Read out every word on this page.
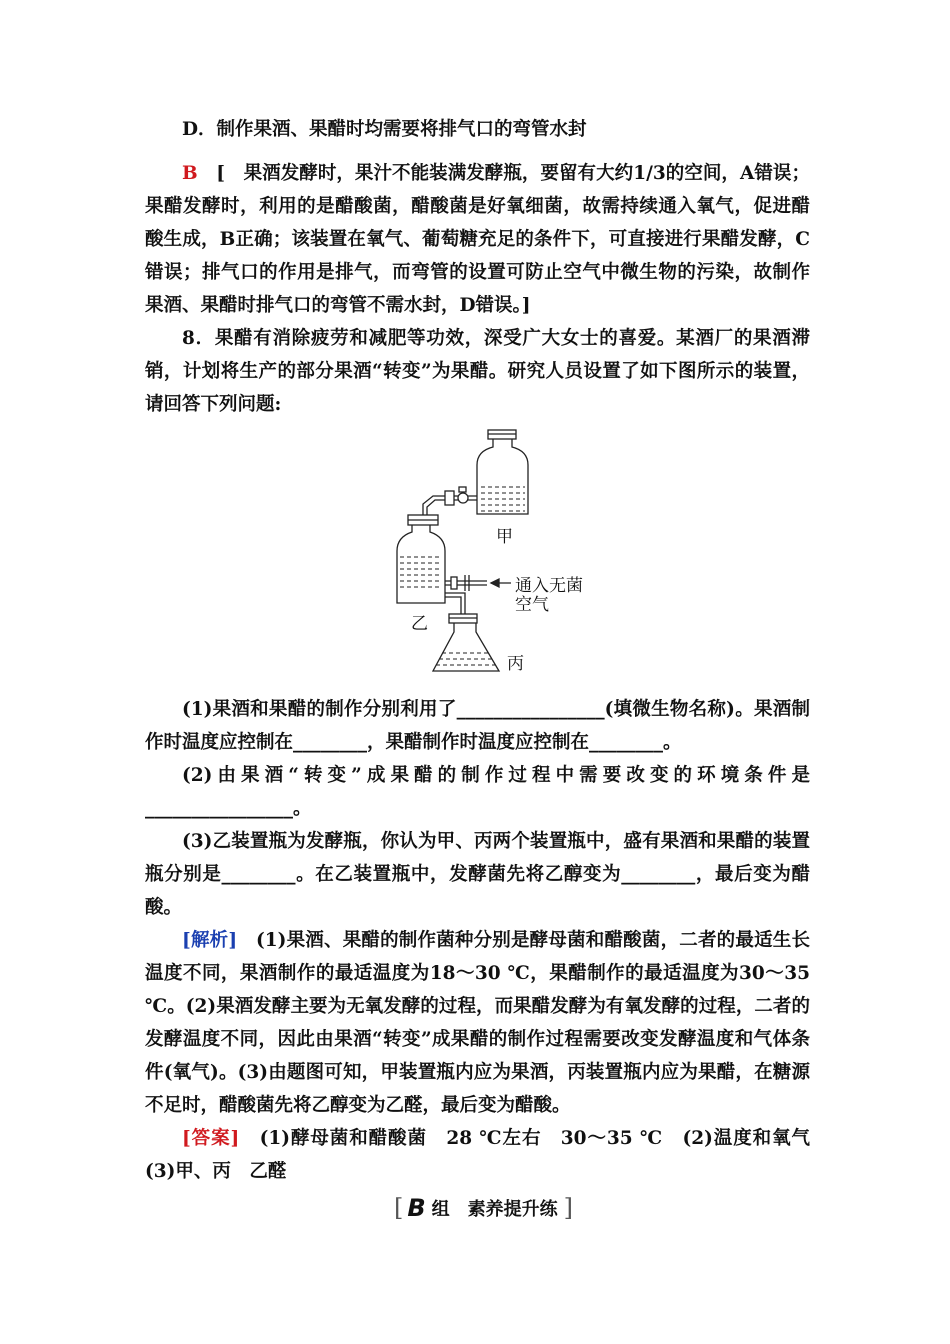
D．制作果酒、果醋时均需要将排气口的弯管水封

B　 [　 果酒发酵时，果汁不能装满发酵瓶，要留有大约1/3的空间，A错误；果醋发酵时，利用的是醋酸菌，醋酸菌是好氧细菌，故需持续通入氧气，促进醋酸生成，B正确；该装置在氧气、葡萄糖充足的条件下，可直接进行果醋发酵，C错误；排气口的作用是排气，而弯管的设置可防止空气中微生物的污染，故制作果酒、果醋时排气口的弯管不需水封，D错误。]

8．果醋有消除疲劳和减肥等功效，深受广大女士的喜爱。某酒厂的果酒滞销，计划将生产的部分果酒“转变”为果醋。研究人员设置了如下图所示的装置，请回答下列问题:

甲
乙
丙
通入无菌
空气

(1)果酒和果醋的制作分别利用了________________(填微生物名称)。果酒制作时温度应控制在________，果醋制作时温度应控制在________。

(2)由果酒“转变”成果醋的制作过程中需要改变的环境条件是

________________。

(3)乙装置瓶为发酵瓶，你认为甲、丙两个装置瓶中，盛有果酒和果醋的装置瓶分别是________。在乙装置瓶中，发酵菌先将乙醇变为________，最后变为醋酸。

[解析]　 (1)果酒、果醋的制作菌种分别是酵母菌和醋酸菌，二者的最适生长温度不同，果酒制作的最适温度为18～30 ℃，果醋制作的最适温度为30～35 ℃。(2)果酒发酵主要为无氧发酵的过程，而果醋发酵为有氧发酵的过程，二者的发酵温度不同，因此由果酒“转变”成果醋的制作过程需要改变发酵温度和气体条件(氧气)。(3)由题图可知，甲装置瓶内应为果酒，丙装置瓶内应为果醋，在糖源不足时，醋酸菌先将乙醇变为乙醛，最后变为醋酸。

[答案]　 (1)酵母菌和醋酸菌　28 ℃左右　30～35 ℃　(2)温度和氧气　(3)甲、丙　乙醛

[ B 组　素养提升练 ]
